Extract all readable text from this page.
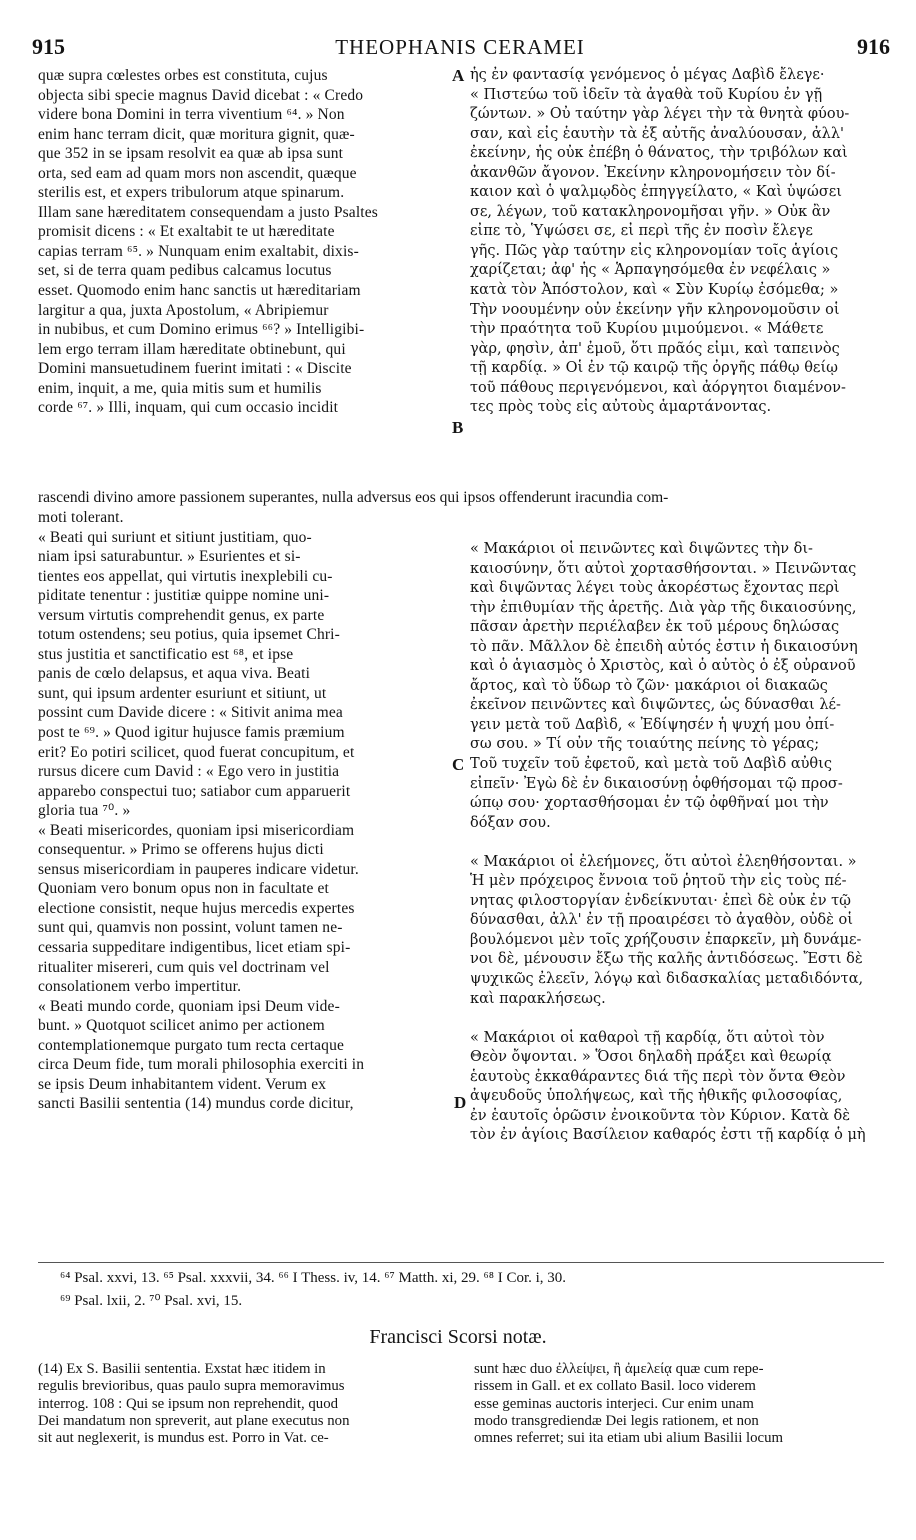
915	THEOPHANIS CERAMEI	916
quæ supra cœlestes orbes est constituta, cujus
objecta sibi specie magnus David dicebat : « Credo
videre bona Domini in terra viventium ⁶⁴. » Non
enim hanc terram dicit, quæ moritura gignit, quæ-
que 352 in se ipsam resolvit ea quæ ab ipsa sunt
orta, sed eam ad quam mors non ascendit, quæque
sterilis est, et expers tribulorum atque spinarum.
Illam sane hæreditatem consequendam a justo Psaltes
promisit dicens : « Et exaltabit te ut hæreditate
capias terram ⁶⁵. » Nunquam enim exaltabit, dixis-
set, si de terra quam pedibus calcamus locutus
esset. Quomodo enim hanc sanctis ut hæreditariam
largitur a qua, juxta Apostolum, « Abripiemur
in nubibus, et cum Domino erimus ⁶⁶? » Intelligibi-
lem ergo terram illam hæreditate obtinebunt, qui
Domini mansuetudinem fuerint imitati : « Discite
enim, inquit, a me, quia mitis sum et humilis
corde ⁶⁷. » Illi, inquam, qui cum occasio incidit
ἧς ἐν φαντασίᾳ γενόμενος ὁ μέγας Δαβὶδ ἔλεγε·
« Πιστεύω τοῦ ἰδεῖν τὰ ἀγαθὰ τοῦ Κυρίου ἐν γῇ
ζώντων. » Οὐ ταύτην γὰρ λέγει τὴν τὰ θνητὰ φύου-
σαν, καὶ εἰς ἑαυτὴν τὰ ἐξ αὐτῆς ἀναλύουσαν, ἀλλ'
ἐκείνην, ἧς οὐκ ἐπέβη ὁ θάνατος, τὴν τριβόλων καὶ
ἀκανθῶν ἄγονον. Ἐκείνην κληρονομήσειν τὸν δί-
καιον καὶ ὁ ψαλμῳδὸς ἐπηγγείλατο, « Καὶ ὑψώσει
σε, λέγων, τοῦ κατακληρονομῆσαι γῆν. » Οὐκ ἂν
εἶπε τὸ, Ὑψώσει σε, εἰ περὶ τῆς ἐν ποσὶν ἔλεγε
γῆς. Πῶς γὰρ ταύτην εἰς κληρονομίαν τοῖς ἁγίοις
χαρίζεται; ἀφ' ἧς « Ἁρπαγησόμεθα ἐν νεφέλαις »
κατὰ τὸν Ἀπόστολον, καὶ « Σὺν Κυρίῳ ἐσόμεθα; »
Τὴν νοουμένην οὖν ἐκείνην γῆν κληρονομοῦσιν οἱ
τὴν πραότητα τοῦ Κυρίου μιμούμενοι. « Μάθετε
γὰρ, φησὶν, ἀπ' ἐμοῦ, ὅτι πρᾶός εἰμι, καὶ ταπεινὸς
τῇ καρδίᾳ. » Οἱ ἐν τῷ καιρῷ τῆς ὀργῆς πάθῳ θείῳ
τοῦ πάθους περιγενόμενοι, καὶ ἀόργητοι διαμένον-
τες πρὸς τοὺς εἰς αὐτοὺς ἁμαρτάνοντας.
A
B
rascendi divino amore passionem superantes, nulla adversus eos qui ipsos offenderunt iracundia com-
moti tolerant.
« Beati qui suriunt et sitiunt justitiam, quo-
niam ipsi saturabuntur. » Esurientes et si-
tientes eos appellat, qui virtutis inexplebili cu-
piditate tenentur : justitiæ quippe nomine uni-
versum virtutis comprehendit genus, ex parte
totum ostendens; seu potius, quia ipsemet Chri-
stus justitia et sanctificatio est ⁶⁸, et ipse
panis de cœlo delapsus, et aqua viva. Beati
sunt, qui ipsum ardenter esuriunt et sitiunt, ut
possint cum Davide dicere : « Sitivit anima mea
post te ⁶⁹. » Quod igitur hujusce famis præmium
erit? Eo potiri scilicet, quod fuerat concupitum, et
rursus dicere cum David : « Ego vero in justitia
apparebo conspectui tuo; satiabor cum apparuerit
gloria tua ⁷⁰. »
« Beati misericordes, quoniam ipsi misericordiam
consequentur. » Primo se offerens hujus dicti
sensus misericordiam in pauperes indicare videtur.
Quoniam vero bonum opus non in facultate et
electione consistit, neque hujus mercedis expertes
sunt qui, quamvis non possint, volunt tamen ne-
cessaria suppeditare indigentibus, licet etiam spi-
ritualiter misereri, cum quis vel doctrinam vel
consolationem verbo impertitur.
« Beati mundo corde, quoniam ipsi Deum vide-
bunt. » Quotquot scilicet animo per actionem
contemplationemque purgato tum recta certaque
circa Deum fide, tum morali philosophia exerciti in
se ipsis Deum inhabitantem vident. Verum ex
sancti Basilii sententia (14) mundus corde dicitur,
« Μακάριοι οἱ πεινῶντες καὶ διψῶντες τὴν δι-
καιοσύνην, ὅτι αὐτοὶ χορτασθήσονται. » Πεινῶντας
καὶ διψῶντας λέγει τοὺς ἀκορέστως ἔχοντας περὶ
τὴν ἐπιθυμίαν τῆς ἀρετῆς. Διὰ γὰρ τῆς δικαιοσύνης,
πᾶσαν ἀρετὴν περιέλαβεν ἐκ τοῦ μέρους δηλώσας
τὸ πᾶν. Μᾶλλον δὲ ἐπειδὴ αὐτός ἐστιν ἡ δικαιοσύνη
καὶ ὁ ἁγιασμὸς ὁ Χριστὸς, καὶ ὁ αὐτὸς ὁ ἐξ οὐρανοῦ
ἄρτος, καὶ τὸ ὕδωρ τὸ ζῶν· μακάριοι οἱ διακαῶς
ἐκεῖνον πεινῶντες καὶ διψῶντες, ὡς δύνασθαι λέ-
γειν μετὰ τοῦ Δαβὶδ, « Ἐδίψησέν ἡ ψυχή μου ὀπί-
σω σου. » Τί οὖν τῆς τοιαύτης πείνης τὸ γέρας;
Τοῦ τυχεῖν τοῦ ἐφετοῦ, καὶ μετὰ τοῦ Δαβὶδ αὖθις
εἰπεῖν· Ἐγὼ δὲ ἐν δικαιοσύνῃ ὀφθήσομαι τῷ προσ-
ώπῳ σου· χορτασθήσομαι ἐν τῷ ὀφθῆναί μοι τὴν
δόξαν σου.
« Μακάριοι οἱ ἐλεήμονες, ὅτι αὐτοὶ ἐλεηθήσονται. »
Ἡ μὲν πρόχειρος ἔννοια τοῦ ῥητοῦ τὴν εἰς τοὺς πέ-
νητας φιλοστοργίαν ἐνδείκνυται· ἐπεὶ δὲ οὐκ ἐν τῷ
δύνασθαι, ἀλλ' ἐν τῇ προαιρέσει τὸ ἀγαθὸν, οὐδὲ οἱ
βουλόμενοι μὲν τοῖς χρήζουσιν ἐπαρκεῖν, μὴ δυνάμε-
νοι δὲ, μένουσιν ἔξω τῆς καλῆς ἀντιδόσεως. Ἔστι δὲ
ψυχικῶς ἐλεεῖν, λόγῳ καὶ διδασκαλίας μεταδιδόντα,
καὶ παρακλήσεως.
« Μακάριοι οἱ καθαροὶ τῇ καρδίᾳ, ὅτι αὐτοὶ τὸν
Θεὸν ὄψονται. » Ὅσοι δηλαδὴ πράξει καὶ θεωρίᾳ
ἑαυτοὺς ἐκκαθάραντες διά τῆς περὶ τὸν ὄντα Θεὸν
ἀψευδοῦς ὑπολήψεως, καὶ τῆς ἠθικῆς φιλοσοφίας,
ἐν ἑαυτοῖς ὁρῶσιν ἐνοικοῦντα τὸν Κύριον. Κατὰ δὲ
τὸν ἐν ἁγίοις Βασίλειον καθαρός ἐστι τῇ καρδίᾳ ὁ μὴ
C
D
⁶⁴ Psal. xxvi, 13. ⁶⁵ Psal. xxxvii, 34. ⁶⁶ I Thess. iv, 14. ⁶⁷ Matth. xi, 29. ⁶⁸ I Cor. i, 30.
⁶⁹ Psal. lxii, 2. ⁷⁰ Psal. xvi, 15.
Francisci Scorsi notæ.
(14) Ex S. Basilii sententia. Exstat hæc itidem in
regulis brevioribus, quas paulo supra memoravimus
interrog. 108 : Qui se ipsum non reprehendit, quod
Dei mandatum non spreverit, aut plane executus non
sit aut neglexerit, is mundus est. Porro in Vat. ce-
sunt hæc duo ἐλλείψει, ἢ ἀμελείᾳ quæ cum repe-
rissem in Gall. et ex collato Basil. loco viderem
esse geminas auctoris interjeci. Cur enim unam
modo transgrediendæ Dei legis rationem, et non
omnes referret; sui ita etiam ubi alium Basilii locum
